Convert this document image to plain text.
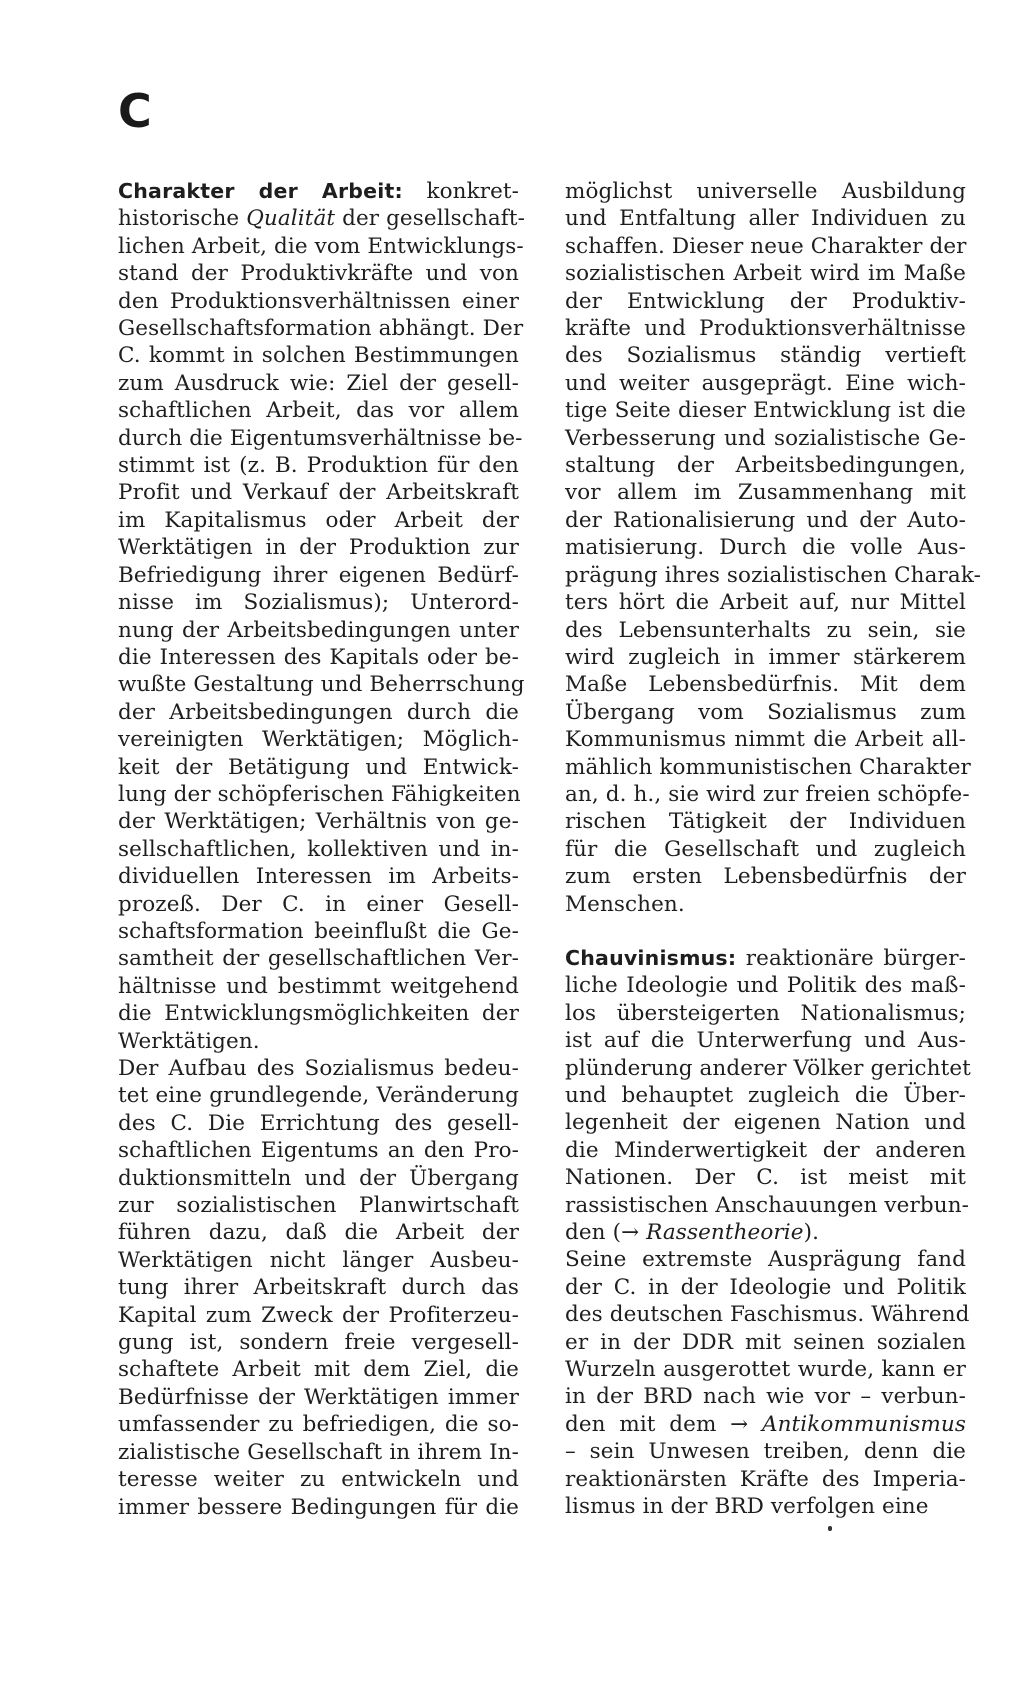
C
Charakter der Arbeit: konkret-
historische Qualität der gesellschaft-
lichen Arbeit, die vom Entwicklungs-
stand der Produktivkräfte und von
den Produktionsverhältnissen einer
Gesellschaftsformation abhängt. Der
C. kommt in solchen Bestimmungen
zum Ausdruck wie: Ziel der gesell-
schaftlichen Arbeit, das vor allem
durch die Eigentumsverhältnisse be-
stimmt ist (z. B. Produktion für den
Profit und Verkauf der Arbeitskraft
im Kapitalismus oder Arbeit der
Werktätigen in der Produktion zur
Befriedigung ihrer eigenen Bedürf-
nisse im Sozialismus); Unterord-
nung der Arbeitsbedingungen unter
die Interessen des Kapitals oder be-
wußte Gestaltung und Beherrschung
der Arbeitsbedingungen durch die
vereinigten Werktätigen; Möglich-
keit der Betätigung und Entwick-
lung der schöpferischen Fähigkeiten
der Werktätigen; Verhältnis von ge-
sellschaftlichen, kollektiven und in-
dividuellen Interessen im Arbeits-
prozeß. Der C. in einer Gesell-
schaftsformation beeinflußt die Ge-
samtheit der gesellschaftlichen Ver-
hältnisse und bestimmt weitgehend
die Entwicklungsmöglichkeiten der
Werktätigen.
Der Aufbau des Sozialismus bedeu-
tet eine grundlegende, Veränderung
des C. Die Errichtung des gesell-
schaftlichen Eigentums an den Pro-
duktionsmitteln und der Übergang
zur sozialistischen Planwirtschaft
führen dazu, daß die Arbeit der
Werktätigen nicht länger Ausbeu-
tung ihrer Arbeitskraft durch das
Kapital zum Zweck der Profiterzeu-
gung ist, sondern freie vergesell-
schaftete Arbeit mit dem Ziel, die
Bedürfnisse der Werktätigen immer
umfassender zu befriedigen, die so-
zialistische Gesellschaft in ihrem In-
teresse weiter zu entwickeln und
immer bessere Bedingungen für die
möglichst universelle Ausbildung
und Entfaltung aller Individuen zu
schaffen. Dieser neue Charakter der
sozialistischen Arbeit wird im Maße
der Entwicklung der Produktiv-
kräfte und Produktionsverhältnisse
des Sozialismus ständig vertieft
und weiter ausgeprägt. Eine wich-
tige Seite dieser Entwicklung ist die
Verbesserung und sozialistische Ge-
staltung der Arbeitsbedingungen,
vor allem im Zusammenhang mit
der Rationalisierung und der Auto-
matisierung. Durch die volle Aus-
prägung ihres sozialistischen Charak-
ters hört die Arbeit auf, nur Mittel
des Lebensunterhalts zu sein, sie
wird zugleich in immer stärkerem
Maße Lebensbedürfnis. Mit dem
Übergang vom Sozialismus zum
Kommunismus nimmt die Arbeit all-
mählich kommunistischen Charakter
an, d. h., sie wird zur freien schöpfe-
rischen Tätigkeit der Individuen
für die Gesellschaft und zugleich
zum ersten Lebensbedürfnis der
Menschen.
Chauvinismus: reaktionäre bürger-
liche Ideologie und Politik des maß-
los übersteigerten Nationalismus;
ist auf die Unterwerfung und Aus-
plünderung anderer Völker gerichtet
und behauptet zugleich die Über-
legenheit der eigenen Nation und
die Minderwertigkeit der anderen
Nationen. Der C. ist meist mit
rassistischen Anschauungen verbun-
den (→ Rassentheorie).
Seine extremste Ausprägung fand
der C. in der Ideologie und Politik
des deutschen Faschismus. Während
er in der DDR mit seinen sozialen
Wurzeln ausgerottet wurde, kann er
in der BRD nach wie vor – verbun-
den mit dem → Antikommunismus
– sein Unwesen treiben, denn die
reaktionärsten Kräfte des Imperia-
lismus in der BRD verfolgen eine
